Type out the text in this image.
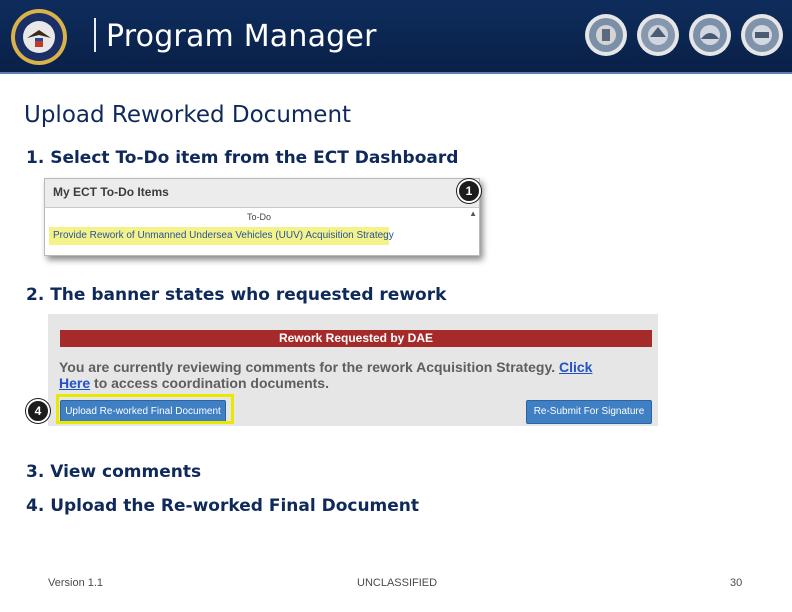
Program Manager
Upload Reworked Document
1. Select To-Do item from the ECT Dashboard
My ECT To-Do Items
To-Do	▲
Provide Rework of Unmanned Undersea Vehicles (UUV) Acquisition Strategy
1
2. The banner states who requested rework
Rework Requested by DAE
You are currently reviewing comments for the rework Acquisition Strategy. Click
Here to access coordination documents.
Upload Re-worked Final Document	Re-Submit For Signature
4
3. View comments
4. Upload the Re-worked Final Document
Version 1.1	UNCLASSIFIED	30
